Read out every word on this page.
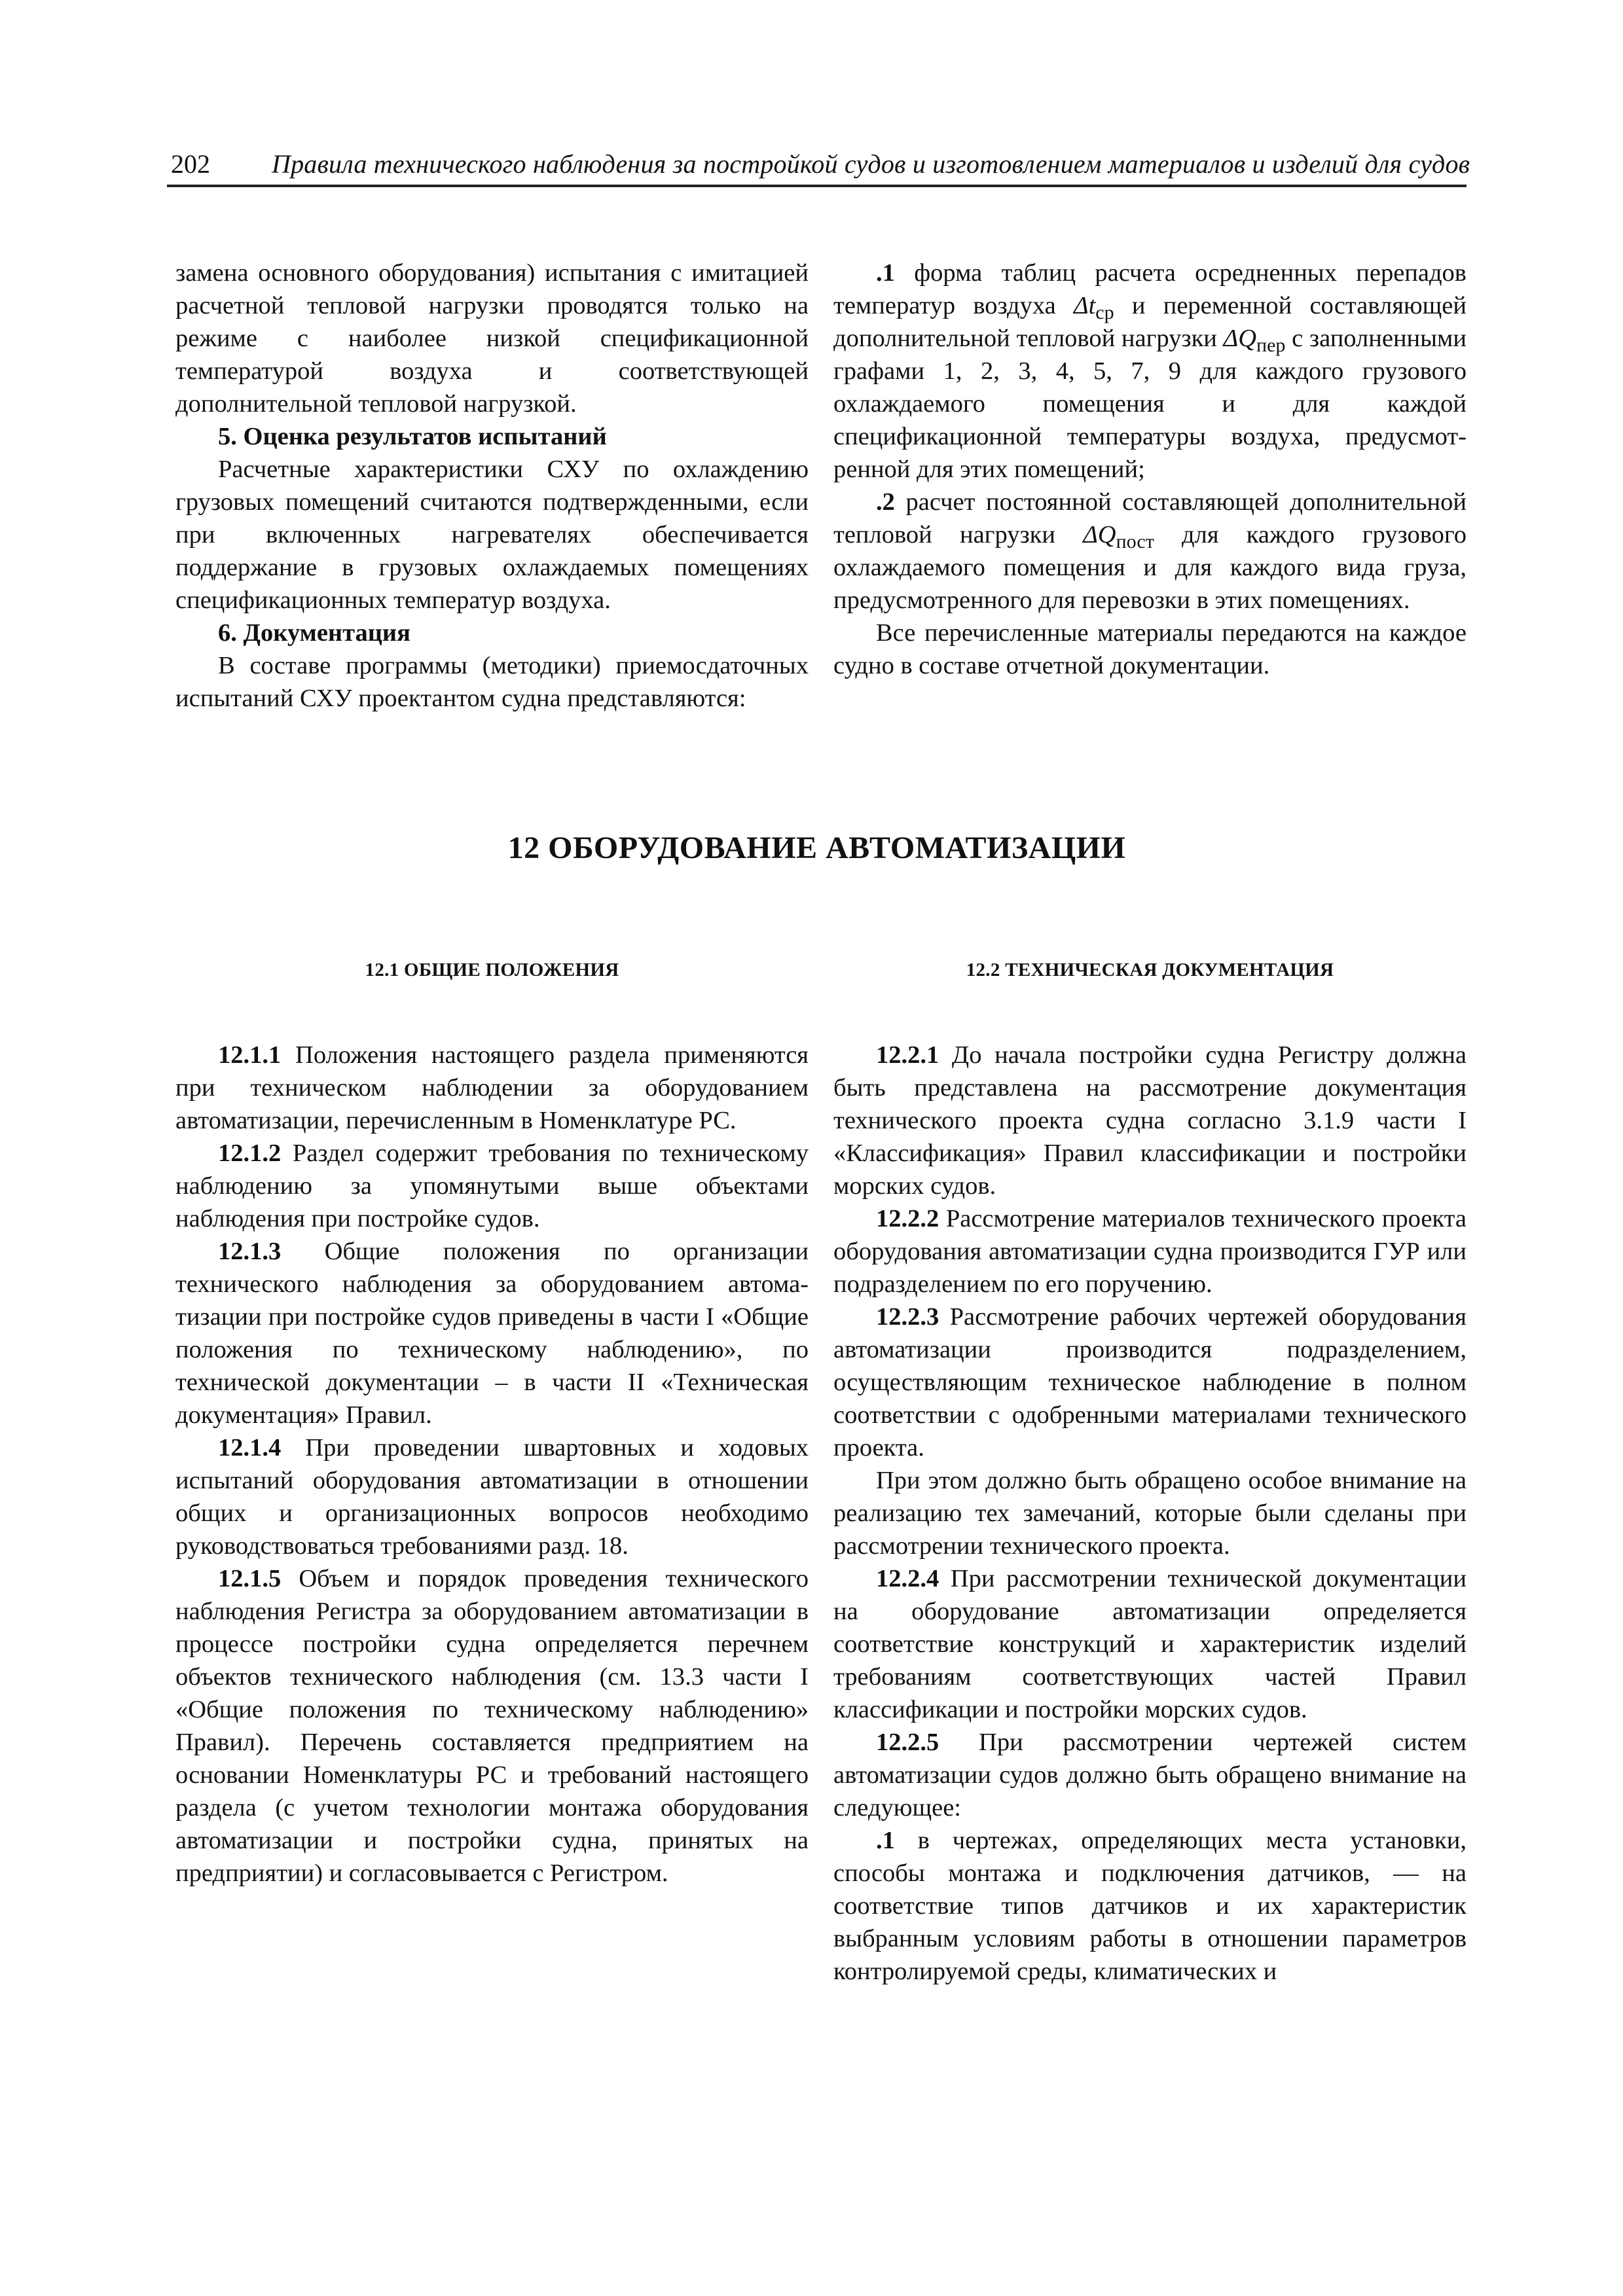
202 Правила технического наблюдения за постройкой судов и изготовлением материалов и изделий для судов

замена основного оборудования) испытания с имитацией расчетной тепловой нагрузки проводятся только на режиме с наиболее низкой спецификационной температурой воздуха и соответствующей дополнительной тепловой нагрузкой.

5. Оценка результатов испытаний

Расчетные характеристики СХУ по охлаждению грузовых помещений считаются подтвержденными, если при включенных нагревателях обеспечивается поддержание в грузовых охлаждаемых помещениях спецификационных температур воздуха.

6. Документация

В составе программы (методики) приемосдаточных испытаний СХУ проектантом судна представляются:

.1 форма таблиц расчета осредненных перепадов температур воздуха $\Delta t_{ср}$ и переменной составляющей дополнительной тепловой нагрузки $\Delta Q_{пер}$ с заполненными графами 1, 2, 3, 4, 5, 7, 9 для каждого грузового охлаждаемого помещения и для каждой спецификационной температуры воздуха, предусмотренной для этих помещений;

.2 расчет постоянной составляющей дополнительной тепловой нагрузки $\Delta Q_{пост}$ для каждого грузового охлаждаемого помещения и для каждого вида груза, предусмотренного для перевозки в этих помещениях.

Все перечисленные материалы передаются на каждое судно в составе отчетной документации.

12 ОБОРУДОВАНИЕ АВТОМАТИЗАЦИИ
12.1 ОБЩИЕ ПОЛОЖЕНИЯ	12.2 ТЕХНИЧЕСКАЯ ДОКУМЕНТАЦИЯ

12.1.1 Положения настоящего раздела применяются при техническом наблюдении за оборудованием автоматизации, перечисленным в Номенклатуре РС.

12.1.2 Раздел содержит требования по техническому наблюдению за упомянутыми выше объектами наблюдения при постройке судов.

12.1.3 Общие положения по организации технического наблюдения за оборудованием автоматизации при постройке судов приведены в части I «Общие положения по техническому наблюдению», по технической документации – в части II «Техническая документация» Правил.

12.1.4 При проведении швартовных и ходовых испытаний оборудования автоматизации в отношении общих и организационных вопросов необходимо руководствоваться требованиями разд. 18.

12.1.5 Объем и порядок проведения технического наблюдения Регистра за оборудованием автоматизации в процессе постройки судна определяется перечнем объектов технического наблюдения (см. 13.3 части I «Общие положения по техническому наблюдению» Правил). Перечень составляется предприятием на основании Номенклатуры РС и требований настоящего раздела (с учетом технологии монтажа оборудования автоматизации и постройки судна, принятых на предприятии) и согласовывается с Регистром.

12.2.1 До начала постройки судна Регистру должна быть представлена на рассмотрение документация технического проекта судна согласно 3.1.9 части I «Классификация» Правил классификации и постройки морских судов.

12.2.2 Рассмотрение материалов технического проекта оборудования автоматизации судна производится ГУР или подразделением по его поручению.

12.2.3 Рассмотрение рабочих чертежей оборудования автоматизации производится подразделением, осуществляющим техническое наблюдение в полном соответствии с одобренными материалами технического проекта.

При этом должно быть обращено особое внимание на реализацию тех замечаний, которые были сделаны при рассмотрении технического проекта.

12.2.4 При рассмотрении технической документации на оборудование автоматизации определяется соответствие конструкций и характеристик изделий требованиям соответствующих частей Правил классификации и постройки морских судов.

12.2.5 При рассмотрении чертежей систем автоматизации судов должно быть обращено внимание на следующее:

.1 в чертежах, определяющих места установки, способы монтажа и подключения датчиков, — на соответствие типов датчиков и их характеристик выбранным условиям работы в отношении параметров контролируемой среды, климатических и
